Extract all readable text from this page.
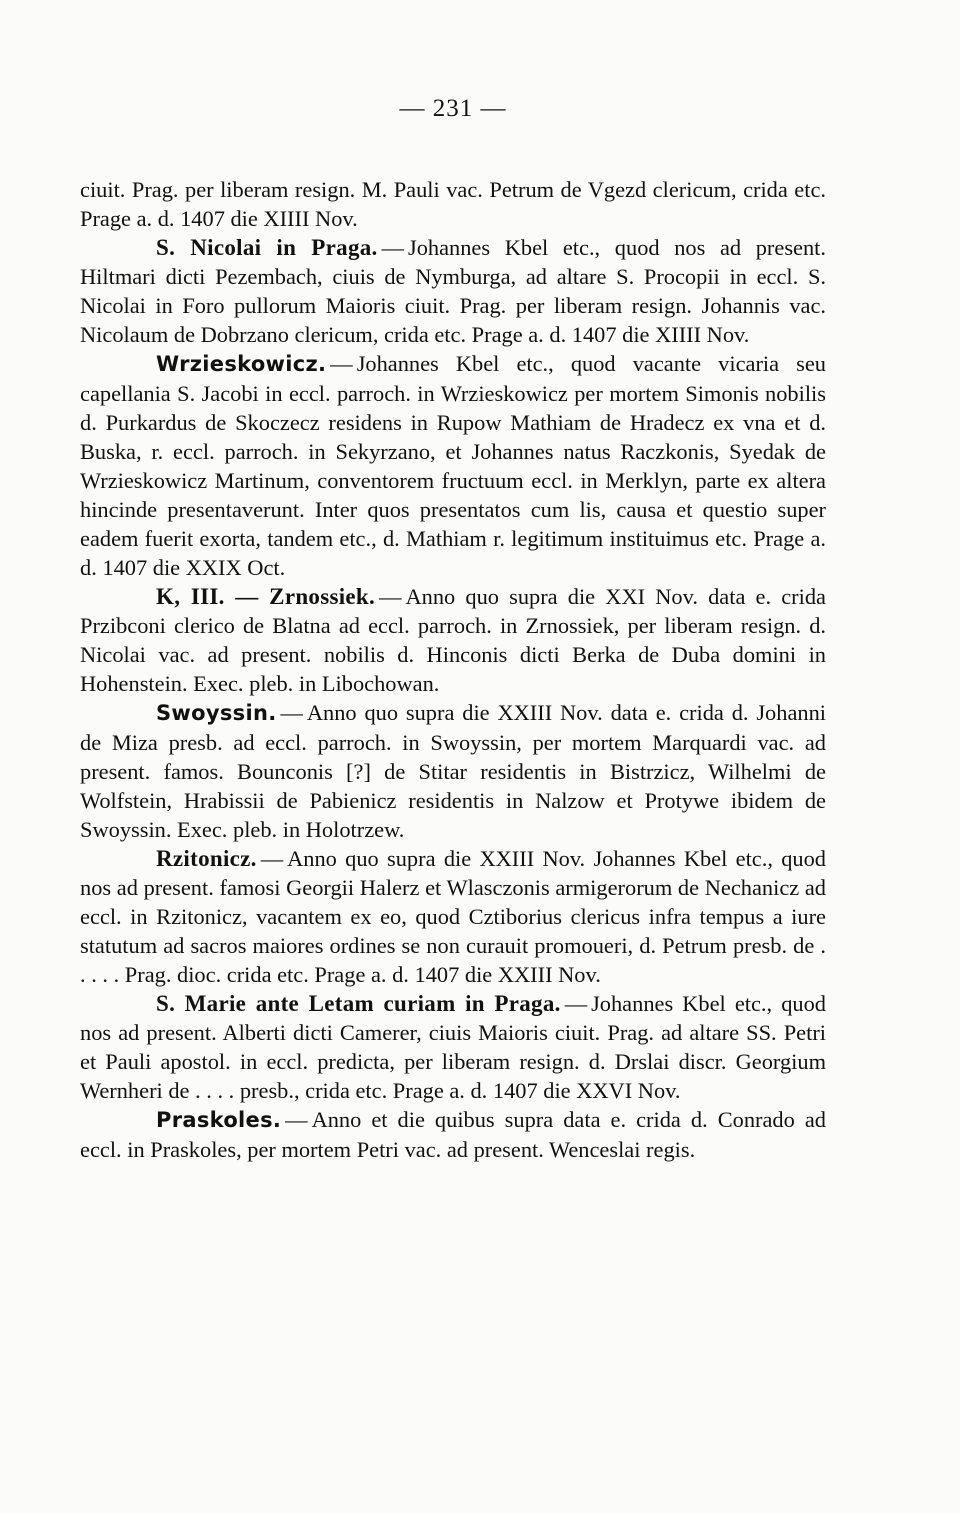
— 231 —

ciuit. Prag. per liberam resign. M. Pauli vac. Petrum de Vgezd clericum, crida etc. Prage a. d. 1407 die XIIII Nov.

S. Nicolai in Praga. — Johannes Kbel etc., quod nos ad present. Hiltmari dicti Pezembach, ciuis de Nymburga, ad altare S. Procopii in eccl. S. Nicolai in Foro pullorum Maioris ciuit. Prag. per liberam resign. Johannis vac. Nicolaum de Dobrzano clericum, crida etc. Prage a. d. 1407 die XIIII Nov.

Wrzieskowicz. — Johannes Kbel etc., quod vacante vicaria seu capellania S. Jacobi in eccl. parroch. in Wrzieskowicz per mortem Simonis nobilis d. Purkardus de Skoczecz residens in Rupow Mathiam de Hradecz ex vna et d. Buska, r. eccl. parroch. in Sekyrzano, et Johannes natus Raczkonis, Syedak de Wrzieskowicz Martinum, conventorem fructuum eccl. in Merklyn, parte ex altera hincinde presentaverunt. Inter quos presentatos cum lis, causa et questio super eadem fuerit exorta, tandem etc., d. Mathiam r. legitimum instituimus etc. Prage a. d. 1407 die XXIX Oct.

K, III. — Zrnossiek. — Anno quo supra die XXI Nov. data e. crida Przibconi clerico de Blatna ad eccl. parroch. in Zrnossiek, per liberam resign. d. Nicolai vac. ad present. nobilis d. Hinconis dicti Berka de Duba domini in Hohenstein. Exec. pleb. in Libochowan.

Swoyssin. — Anno quo supra die XXIII Nov. data e. crida d. Johanni de Miza presb. ad eccl. parroch. in Swoyssin, per mortem Marquardi vac. ad present. famos. Bounconis [?] de Stitar residentis in Bistrzicz, Wilhelmi de Wolfstein, Hrabissii de Pabienicz residentis in Nalzow et Protywe ibidem de Swoyssin. Exec. pleb. in Holotrzew.

Rzitonicz. — Anno quo supra die XXIII Nov. Johannes Kbel etc., quod nos ad present. famosi Georgii Halerz et Wlasczonis armigerorum de Nechanicz ad eccl. in Rzitonicz, vacantem ex eo, quod Cztiborius clericus infra tempus a iure statutum ad sacros maiores ordines se non curauit promoueri, d. Petrum presb. de . . . . . Prag. dioc. crida etc. Prage a. d. 1407 die XXIII Nov.

S. Marie ante Letam curiam in Praga. — Johannes Kbel etc., quod nos ad present. Alberti dicti Camerer, ciuis Maioris ciuit. Prag. ad altare SS. Petri et Pauli apostol. in eccl. predicta, per liberam resign. d. Drslai discr. Georgium Wernheri de . . . . presb., crida etc. Prage a. d. 1407 die XXVI Nov.

Praskoles. — Anno et die quibus supra data e. crida d. Conrado ad eccl. in Praskoles, per mortem Petri vac. ad present. Wenceslai regis.
